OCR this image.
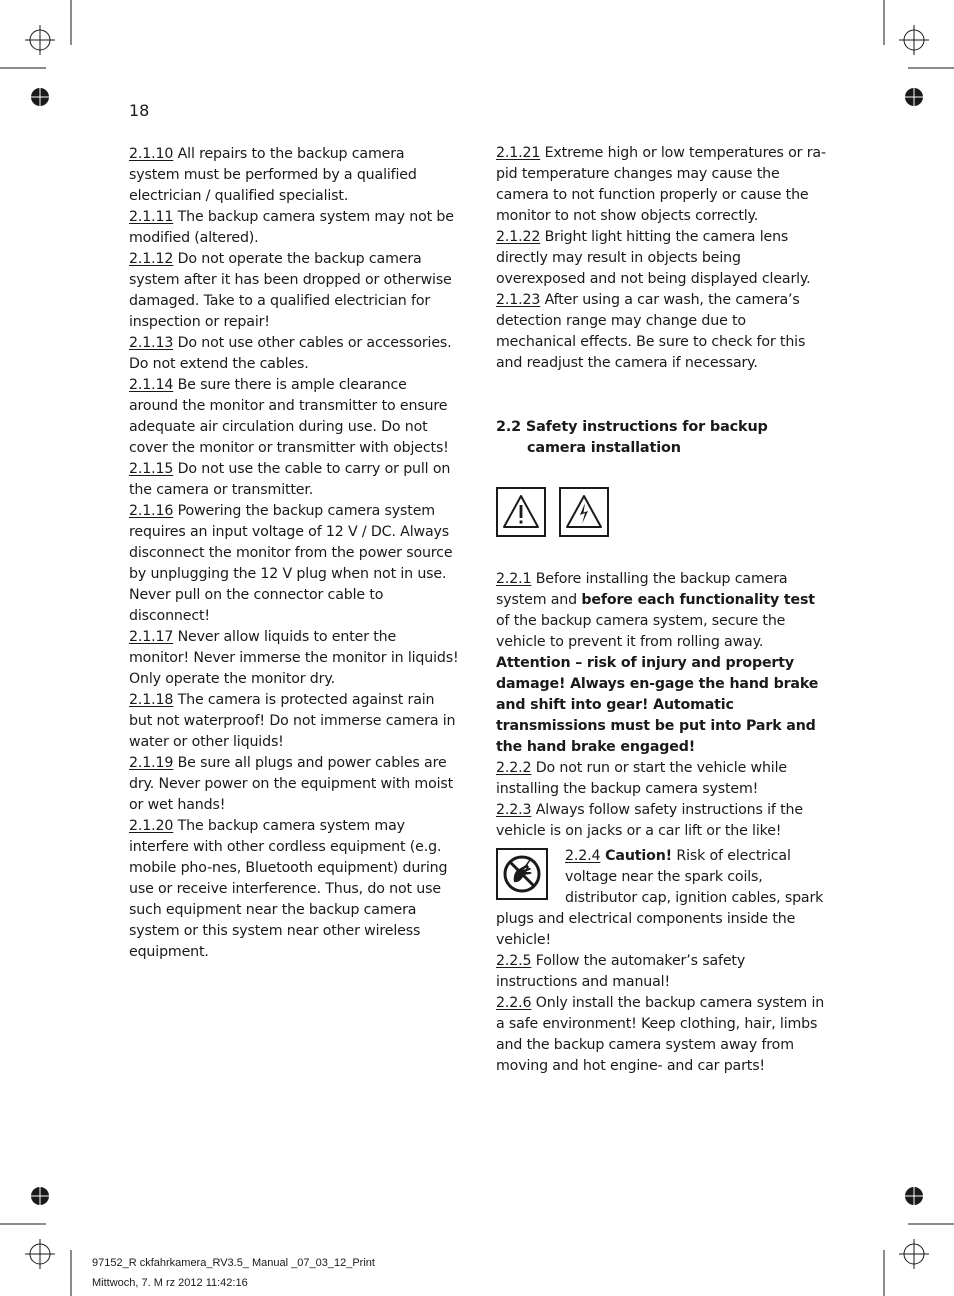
18

2.1.10 All repairs to the backup camera system must be performed by a qualified electrician / qualified specialist.

2.1.11 The backup camera system may not be modified (altered).

2.1.12 Do not operate the backup camera system after it has been dropped or otherwise damaged. Take to a qualified electrician for inspection or repair!

2.1.13 Do not use other cables or accessories. Do not extend the cables.

2.1.14 Be sure there is ample clearance around the monitor and transmitter to ensure adequate air circulation during use. Do not cover the monitor or transmitter with objects!

2.1.15 Do not use the cable to carry or pull on the camera or transmitter.

2.1.16 Powering the backup camera system requires an input voltage of 12 V / DC. Always disconnect the monitor from the power source by unplugging the 12 V plug when not in use. Never pull on the connector cable to disconnect!

2.1.17 Never allow liquids to enter the monitor! Never immerse the monitor in liquids! Only operate the monitor dry.

2.1.18 The camera is protected against rain but not waterproof! Do not immerse camera in water or other liquids!

2.1.19 Be sure all plugs and power cables are dry. Never power on the equipment with moist or wet hands!

2.1.20 The backup camera system may interfere with other cordless equipment (e.g. mobile pho-nes, Bluetooth equipment) during use or receive interference. Thus, do not use such equipment near the backup camera system or this system near other wireless equipment.

2.1.21 Extreme high or low temperatures or ra-pid temperature changes may cause the camera to not function properly or cause the monitor to not show objects correctly.

2.1.22 Bright light hitting the camera lens directly may result in objects being overexposed and not being displayed clearly.

2.1.23 After using a car wash, the camera’s detection range may change due to mechanical effects. Be sure to check for this and readjust the camera if necessary.

2.2 Safety instructions for backup
camera installation

2.2.1 Before installing the backup camera system and before each functionality test of the backup camera system, secure the vehicle to prevent it from rolling away. Attention – risk of injury and property damage! Always en-gage the hand brake and shift into gear! Automatic transmissions must be put into Park and the hand brake engaged!

2.2.2 Do not run or start the vehicle while installing the backup camera system!

2.2.3 Always follow safety instructions if the vehicle is on jacks or a car lift or the like!

2.2.4 Caution! Risk of electrical voltage near the spark coils, distributor cap, ignition cables, spark plugs and electrical components inside the vehicle!

2.2.5 Follow the automaker’s safety instructions and manual!

2.2.6 Only install the backup camera system in a safe environment! Keep clothing, hair, limbs and the backup camera system away from moving and hot engine- and car parts!

97152_R ckfahrkamera_RV3.5_ Manual _07_03_12_Print
Mittwoch, 7. M rz 2012 11:42:16
